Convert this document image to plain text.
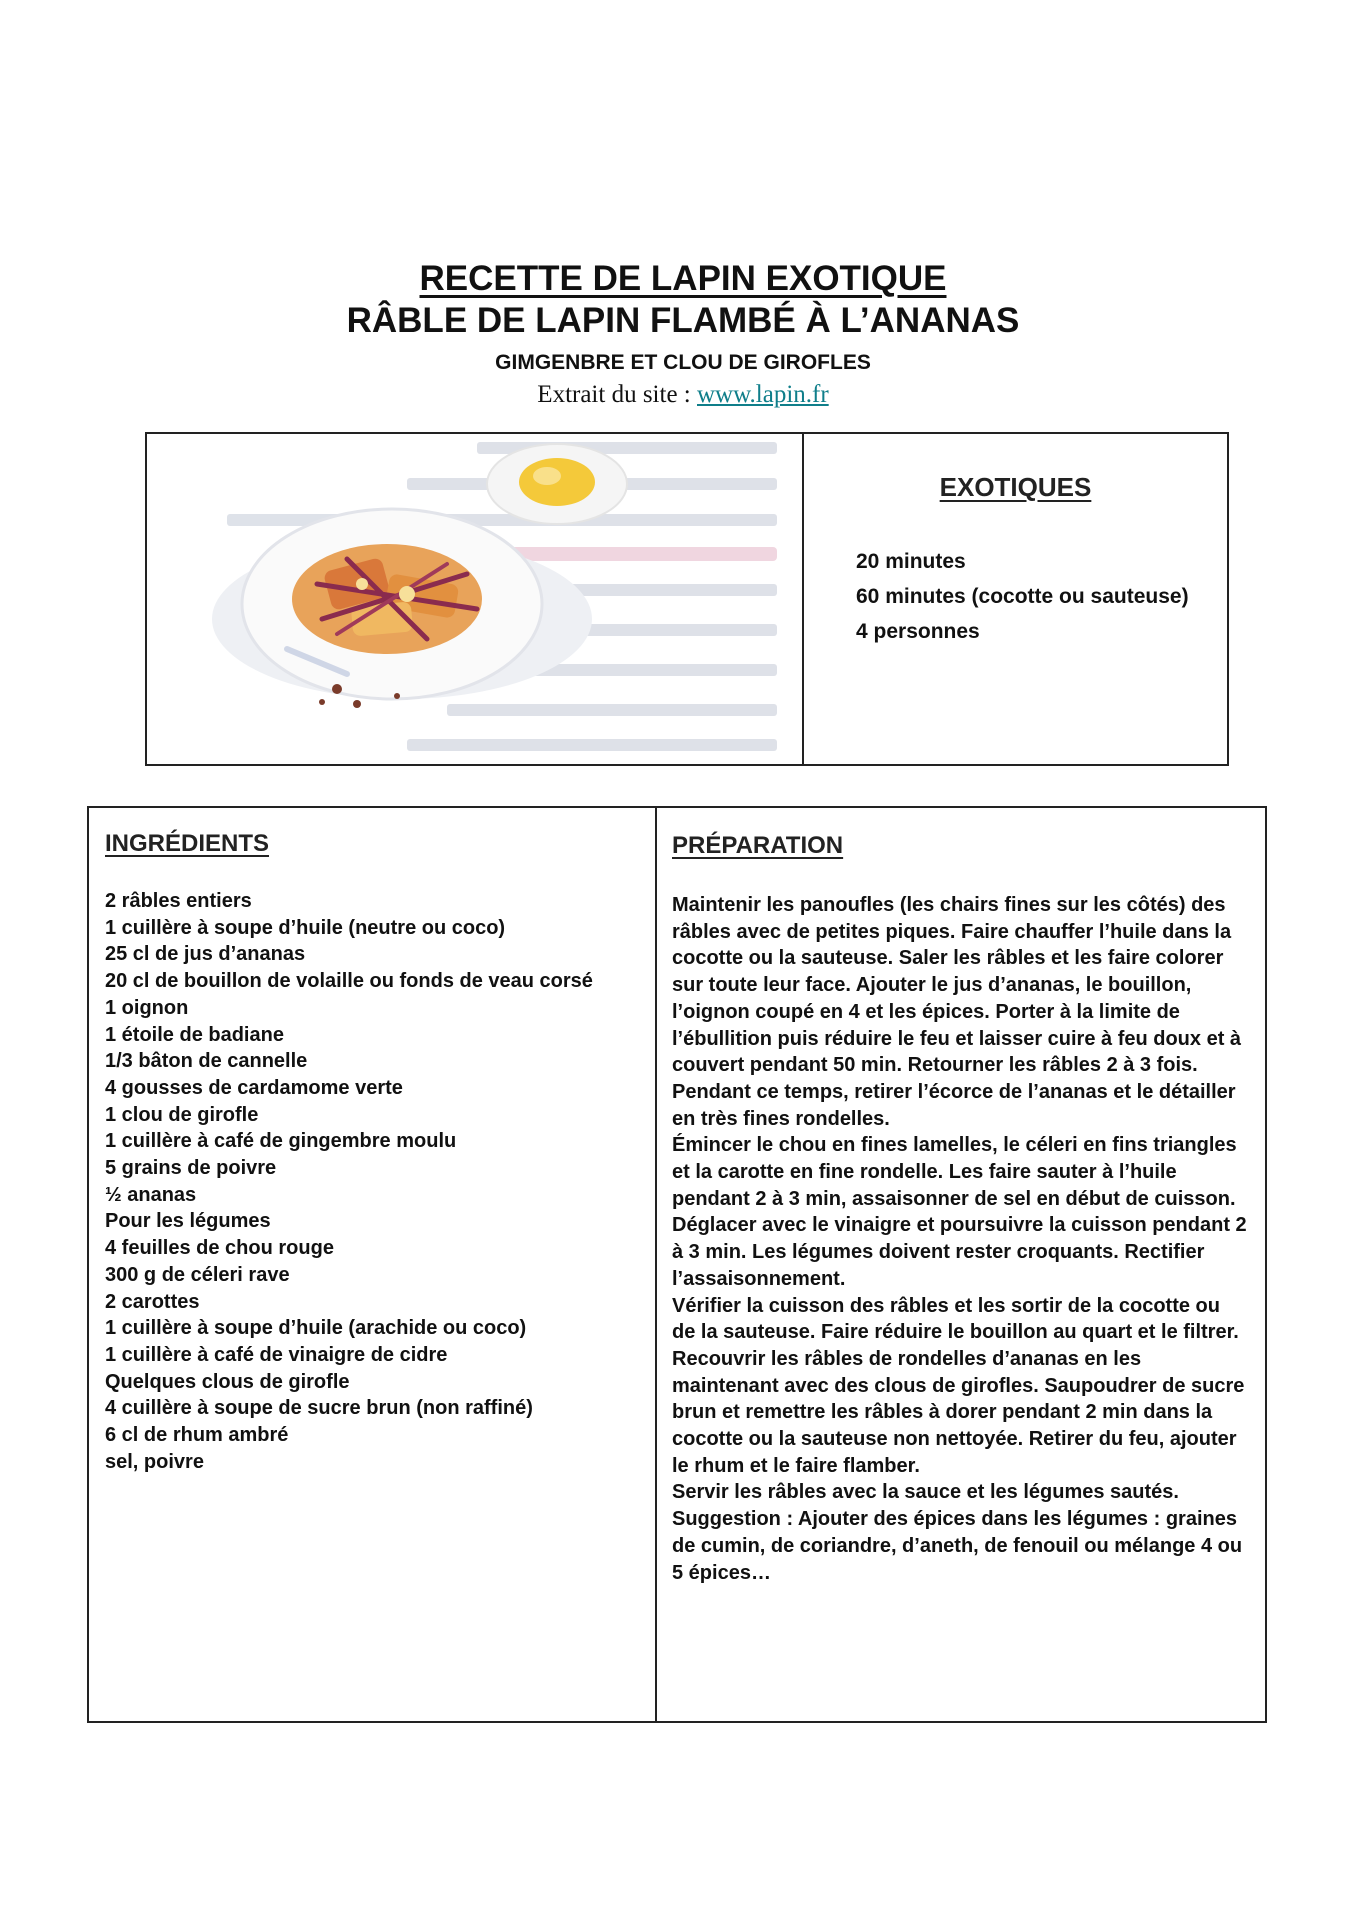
RECETTE DE LAPIN EXOTIQUE
RÂBLE DE LAPIN FLAMBÉ À L’ANANAS
GIMGENBRE ET CLOU DE GIROFLES
Extrait du site : www.lapin.fr
EXOTIQUES
20 minutes
60 minutes (cocotte ou sauteuse)
4 personnes
INGRÉDIENTS
2 râbles entiers
1 cuillère à soupe d’huile (neutre ou coco)
25 cl de jus d’ananas
20 cl de bouillon de volaille ou fonds de veau corsé
1 oignon
1 étoile de badiane
1/3 bâton de cannelle
4 gousses de cardamome verte
1 clou de girofle
1 cuillère à café de gingembre moulu
5 grains de poivre
½ ananas
Pour les légumes
4 feuilles de chou rouge
300 g de céleri rave
2 carottes
1 cuillère à soupe d’huile (arachide ou coco)
1 cuillère à café de vinaigre de cidre
Quelques clous de girofle
4 cuillère à soupe de sucre brun (non raffiné)
6 cl de rhum ambré
sel, poivre
PRÉPARATION

Maintenir les panoufles (les chairs fines sur les côtés) des râbles avec de petites piques. Faire chauffer l’huile dans la cocotte ou la sauteuse. Saler les râbles et les faire colorer sur toute leur face. Ajouter le jus d’ananas, le bouillon, l’oignon coupé en 4 et les épices. Porter à la limite de l’ébullition puis réduire le feu et laisser cuire à feu doux et à couvert pendant 50 min. Retourner les râbles 2 à 3 fois.

Pendant ce temps, retirer l’écorce de l’ananas et le détailler en très fines rondelles.

Émincer le chou en fines lamelles, le céleri en fins triangles et la carotte en fine rondelle. Les faire sauter à l’huile pendant 2 à 3 min, assaisonner de sel en début de cuisson. Déglacer avec le vinaigre et poursuivre la cuisson pendant 2 à 3 min. Les légumes doivent rester croquants. Rectifier l’assaisonnement.

Vérifier la cuisson des râbles et les sortir de la cocotte ou de la sauteuse. Faire réduire le bouillon au quart et le filtrer. Recouvrir les râbles de rondelles d’ananas en les maintenant avec des clous de girofles. Saupoudrer de sucre brun et remettre les râbles à dorer pendant 2 min dans la cocotte ou la sauteuse non nettoyée. Retirer du feu, ajouter le rhum et le faire flamber.

Servir les râbles avec la sauce et les légumes sautés.

Suggestion : Ajouter des épices dans les légumes : graines de cumin, de coriandre, d’aneth, de fenouil ou mélange 4 ou 5 épices…
